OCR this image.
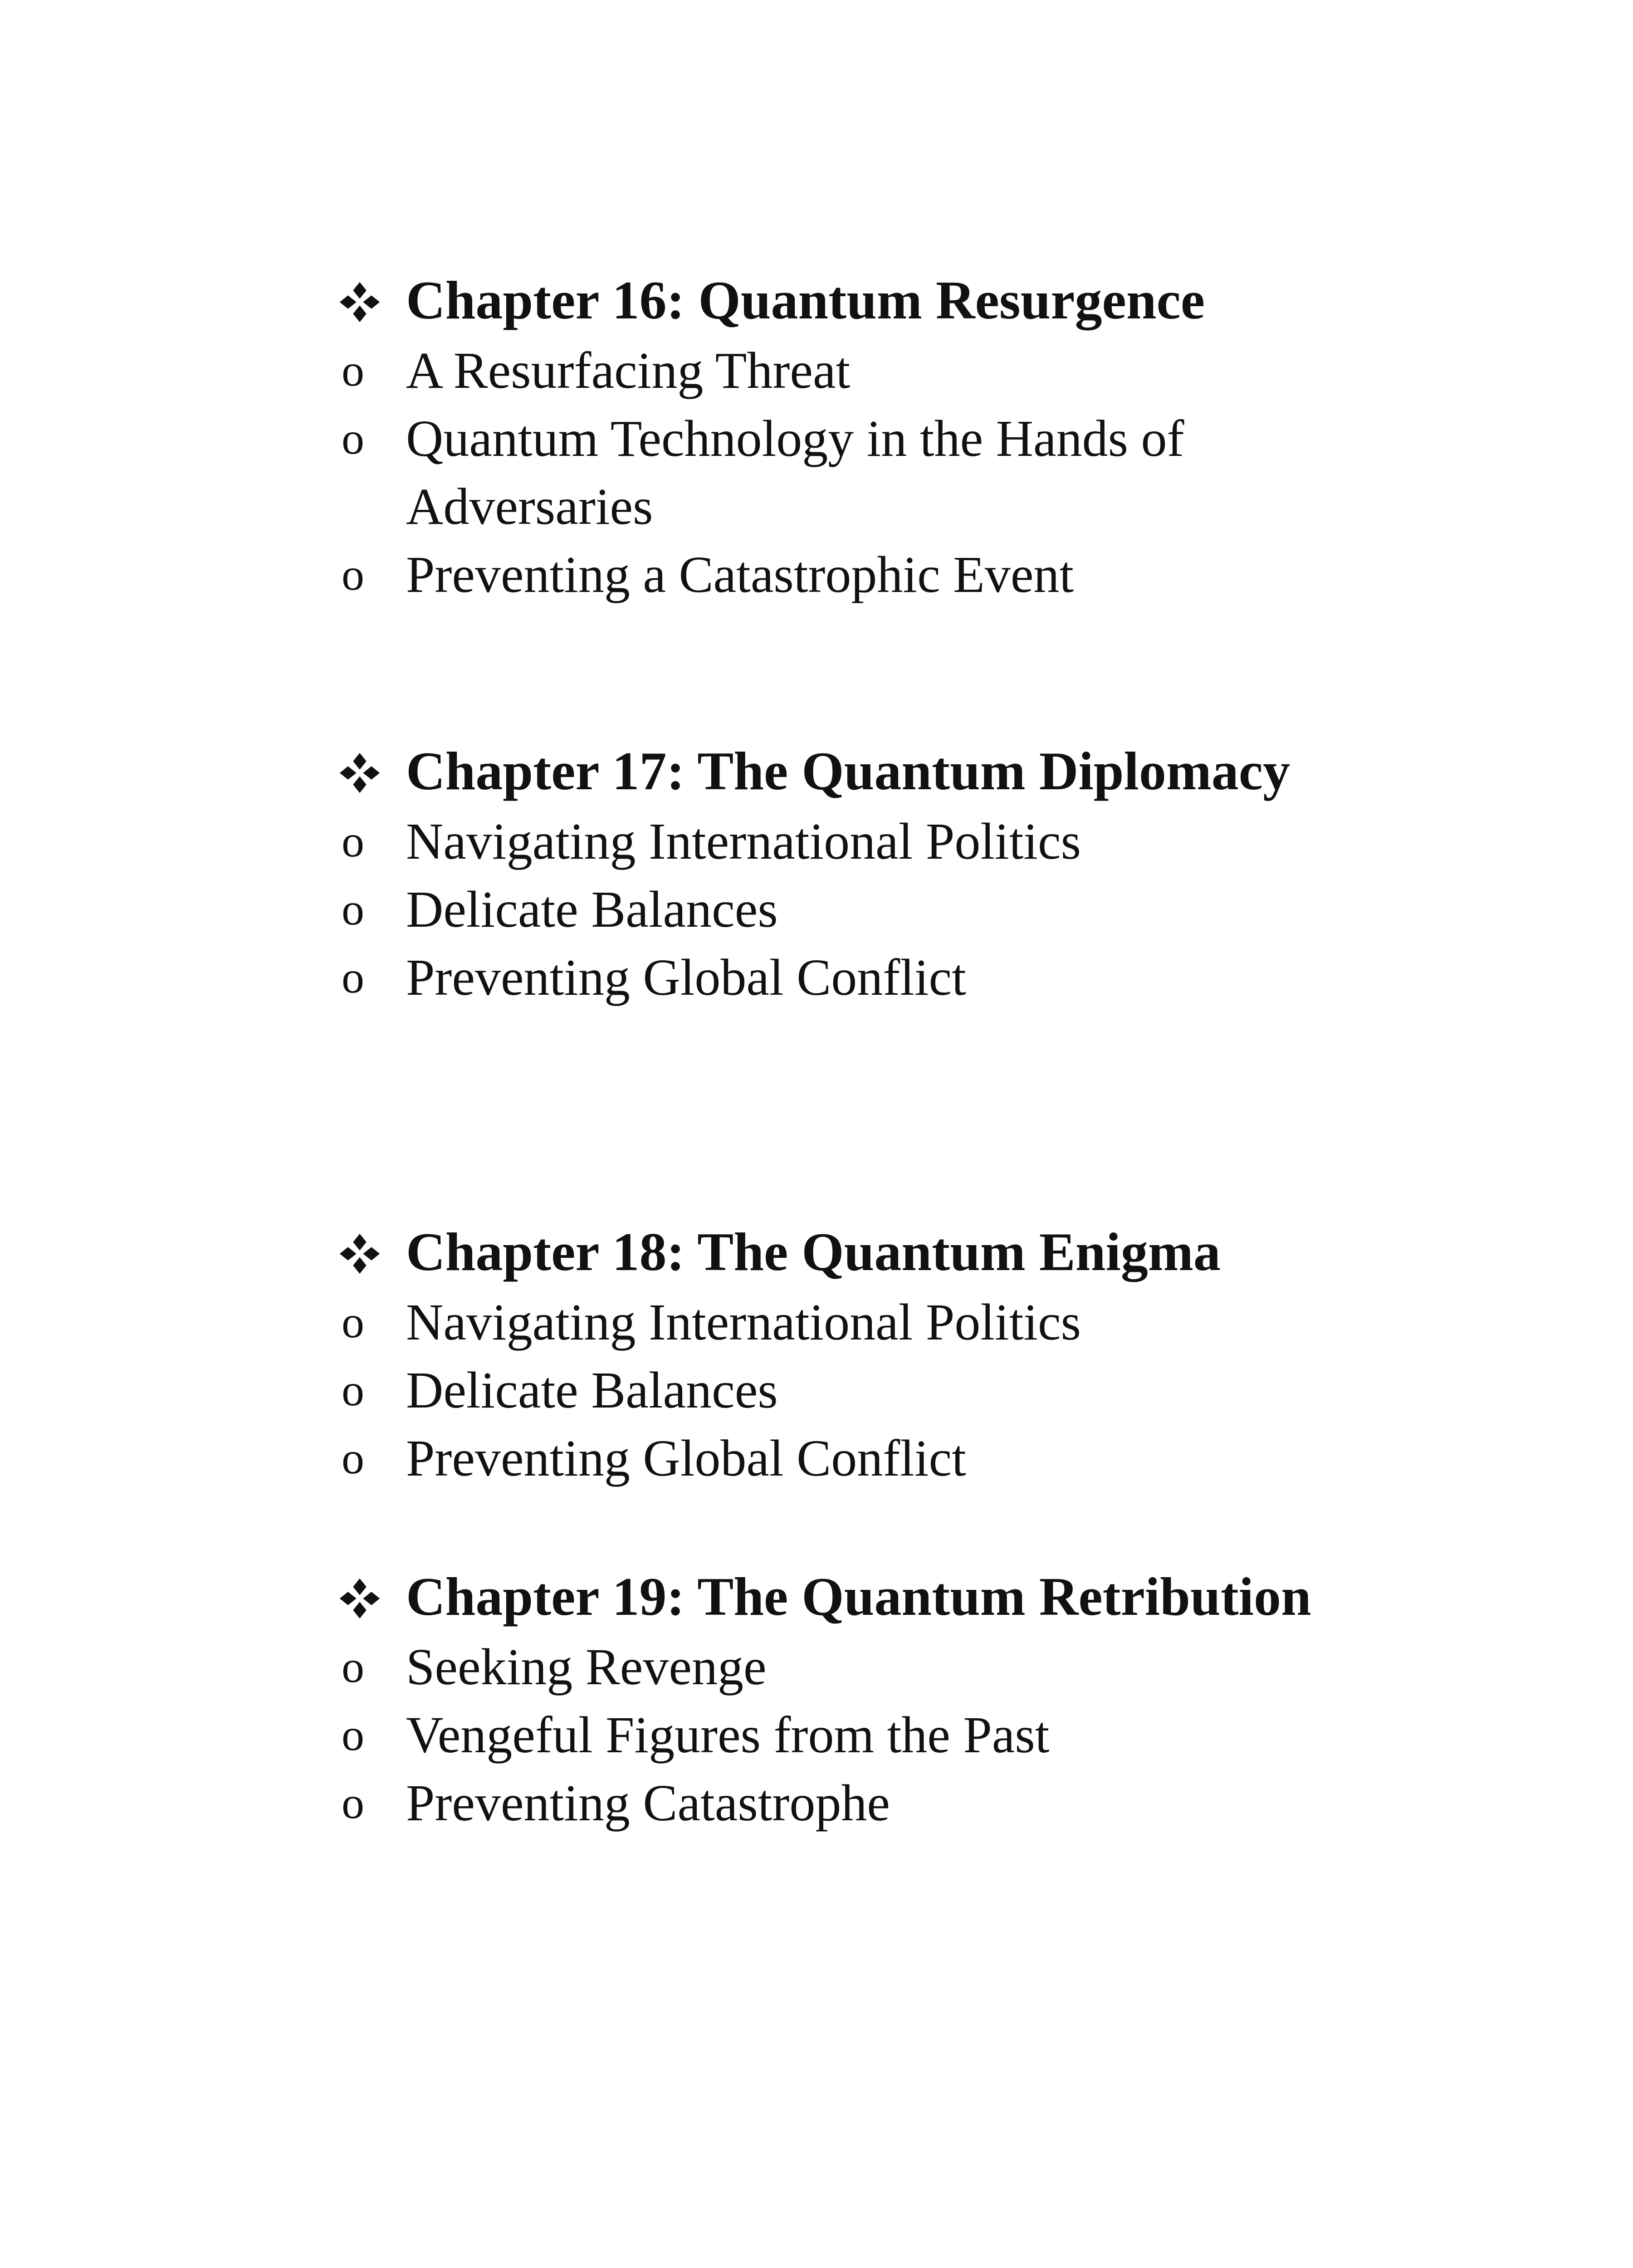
Chapter 16: Quantum Resurgence
o A Resurfacing Threat
o Quantum Technology in the Hands of Adversaries
o Preventing a Catastrophic Event
Chapter 17: The Quantum Diplomacy
o Navigating International Politics
o Delicate Balances
o Preventing Global Conflict
Chapter 18: The Quantum Enigma
o Navigating International Politics
o Delicate Balances
o Preventing Global Conflict
Chapter 19: The Quantum Retribution
o Seeking Revenge
o Vengeful Figures from the Past
o Preventing Catastrophe
